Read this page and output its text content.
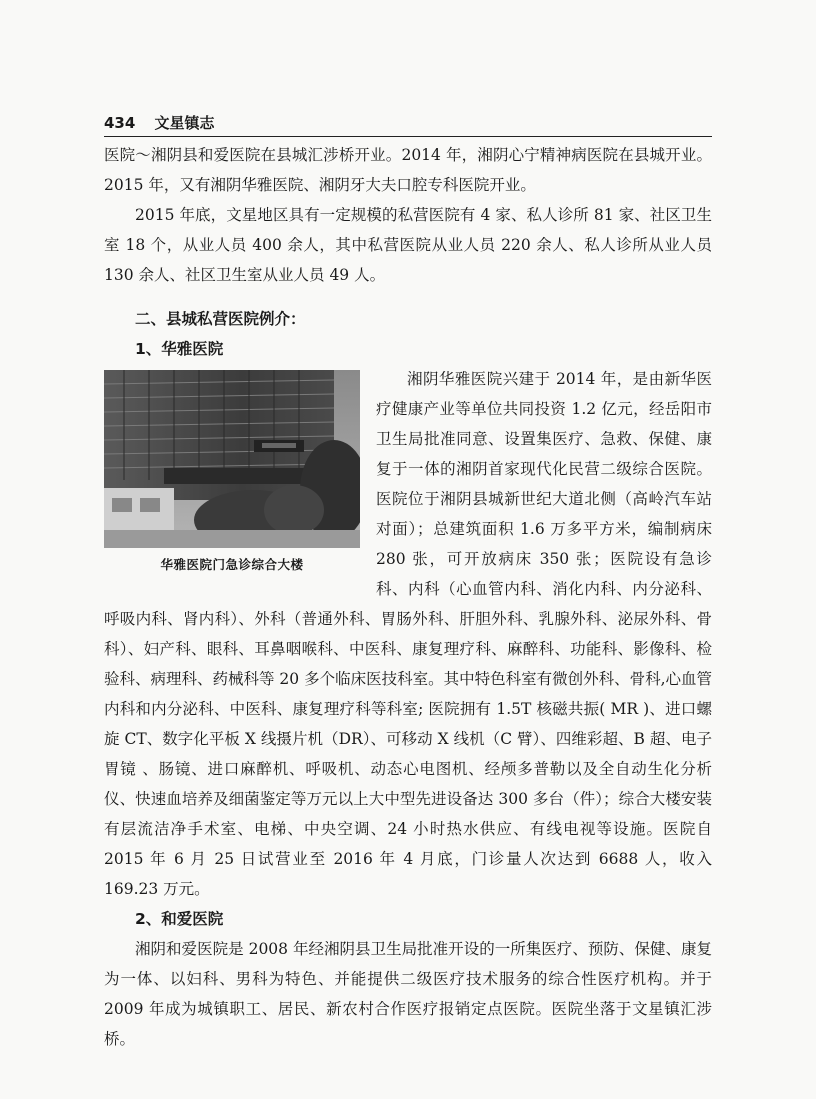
434 文星镇志

医院～湘阴县和爱医院在县城汇涉桥开业。2014 年，湘阴心宁精神病医院在县城开业。2015 年，又有湘阴华雅医院、湘阴牙大夫口腔专科医院开业。

2015 年底，文星地区具有一定规模的私营医院有 4 家、私人诊所 81 家、社区卫生室 18 个，从业人员 400 余人，其中私营医院从业人员 220 余人、私人诊所从业人员 130 余人、社区卫生室从业人员 49 人。

二、县城私营医院例介：
1、华雅医院
华雅医院门急诊综合大楼

湘阴华雅医院兴建于 2014 年，是由新华医疗健康产业等单位共同投资 1.2 亿元，经岳阳市卫生局批准同意、设置集医疗、急救、保健、康复于一体的湘阴首家现代化民营二级综合医院。医院位于湘阴县城新世纪大道北侧（高岭汽车站对面）；总建筑面积 1.6 万多平方米，编制病床 280 张，可开放病床 350 张；医院设有急诊科、内科（心血管内科、消化内科、内分泌科、呼吸内科、肾内科）、外科（普通外科、胃肠外科、肝胆外科、乳腺外科、泌尿外科、骨科）、妇产科、眼科、耳鼻咽喉科、中医科、康复理疗科、麻醉科、功能科、影像科、检验科、病理科、药械科等 20 多个临床医技科室。其中特色科室有微创外科、骨科,心血管内科和内分泌科、中医科、康复理疗科等科室; 医院拥有 1.5T 核磁共振( MR )、进口螺旋 CT、数字化平板 X 线摄片机（DR）、可移动 X 线机（C 臂）、四维彩超、B 超、电子胃镜 、肠镜、进口麻醉机、呼吸机、动态心电图机、经颅多普勒以及全自动生化分析仪、快速血培养及细菌鉴定等万元以上大中型先进设备达 300 多台（件）；综合大楼安装有层流洁净手术室、电梯、中央空调、24 小时热水供应、有线电视等设施。医院自 2015 年 6 月 25 日试营业至 2016 年 4 月底，门诊量人次达到 6688 人，收入 169.23 万元。

2、和爱医院

湘阴和爱医院是 2008 年经湘阴县卫生局批准开设的一所集医疗、预防、保健、康复为一体、以妇科、男科为特色、并能提供二级医疗技术服务的综合性医疗机构。并于 2009 年成为城镇职工、居民、新农村合作医疗报销定点医院。医院坐落于文星镇汇涉桥。
